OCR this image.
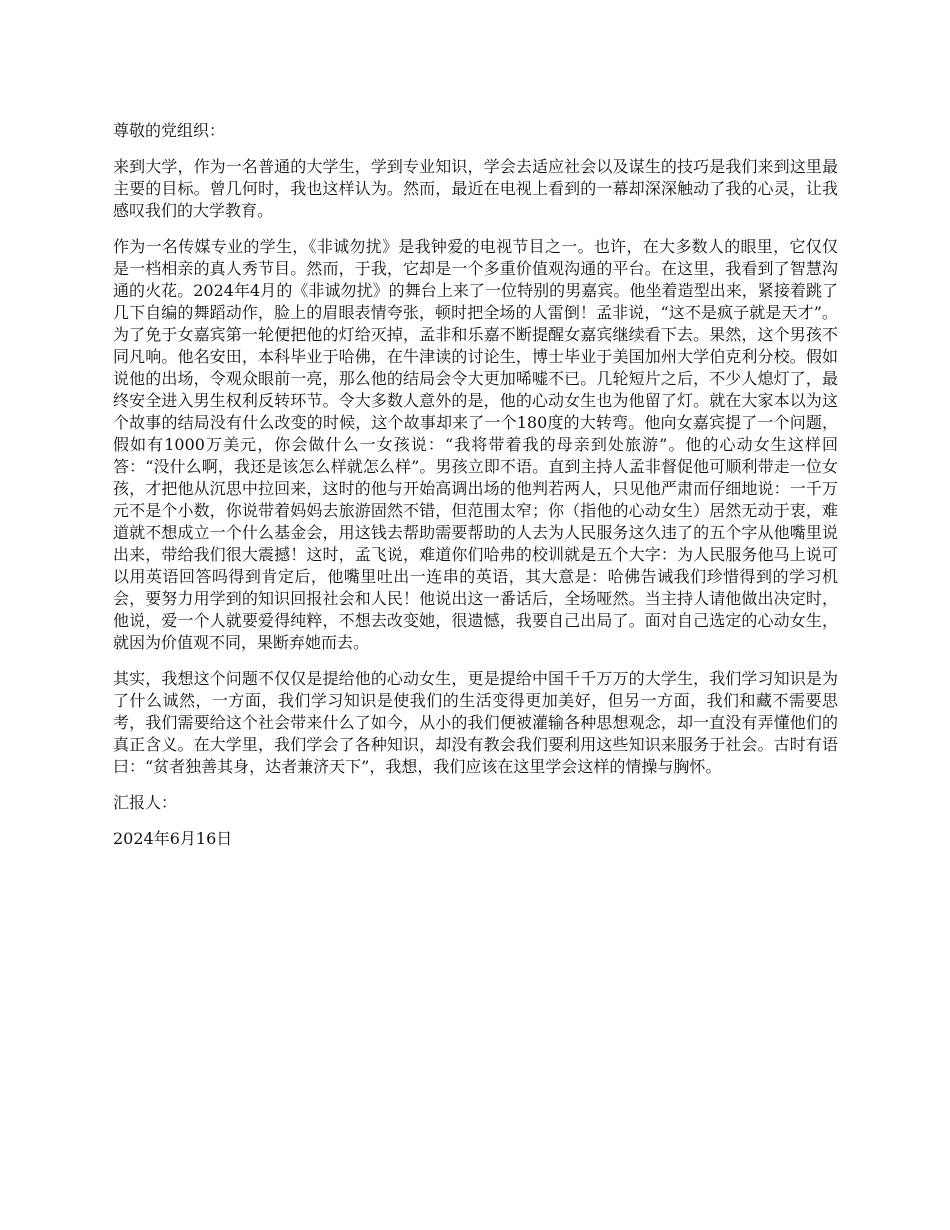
尊敬的党组织：

来到大学，作为一名普通的大学生，学到专业知识，学会去适应社会以及谋生的技巧是我们来到这里最主要的目标。曾几何时，我也这样认为。然而，最近在电视上看到的一幕却深深触动了我的心灵，让我感叹我们的大学教育。

作为一名传媒专业的学生，《非诚勿扰》是我钟爱的电视节目之一。也许，在大多数人的眼里，它仅仅是一档相亲的真人秀节目。然而，于我，它却是一个多重价值观沟通的平台。在这里，我看到了智慧沟通的火花。2024年4月的《非诚勿扰》的舞台上来了一位特别的男嘉宾。他坐着造型出来，紧接着跳了几下自编的舞蹈动作，脸上的眉眼表情夸张，顿时把全场的人雷倒！孟非说，“这不是疯子就是天才”。为了免于女嘉宾第一轮便把他的灯给灭掉，孟非和乐嘉不断提醒女嘉宾继续看下去。果然，这个男孩不同凡响。他名安田，本科毕业于哈佛，在牛津读的讨论生，博士毕业于美国加州大学伯克利分校。假如说他的出场，令观众眼前一亮，那么他的结局会令大更加唏嘘不已。几轮短片之后，不少人熄灯了，最终安全进入男生权利反转环节。令大多数人意外的是，他的心动女生也为他留了灯。就在大家本以为这个故事的结局没有什么改变的时候，这个故事却来了一个180度的大转弯。他向女嘉宾提了一个问题，假如有1000万美元，你会做什么一女孩说：“我将带着我的母亲到处旅游”。他的心动女生这样回答：“没什么啊，我还是该怎么样就怎么样”。男孩立即不语。直到主持人孟非督促他可顺利带走一位女孩，才把他从沉思中拉回来，这时的他与开始高调出场的他判若两人，只见他严肃而仔细地说：一千万元不是个小数，你说带着妈妈去旅游固然不错，但范围太窄；你（指他的心动女生）居然无动于衷，难道就不想成立一个什么基金会，用这钱去帮助需要帮助的人去为人民服务这久违了的五个字从他嘴里说出来，带给我们很大震撼！这时，孟飞说，难道你们哈弗的校训就是五个大字：为人民服务他马上说可以用英语回答吗得到肯定后，他嘴里吐出一连串的英语，其大意是：哈佛告诫我们珍惜得到的学习机会，要努力用学到的知识回报社会和人民！他说出这一番话后，全场哑然。当主持人请他做出决定时，他说，爱一个人就要爱得纯粹，不想去改变她，很遗憾，我要自己出局了。面对自己选定的心动女生，就因为价值观不同，果断弃她而去。

其实，我想这个问题不仅仅是提给他的心动女生，更是提给中国千千万万的大学生，我们学习知识是为了什么诚然，一方面，我们学习知识是使我们的生活变得更加美好，但另一方面，我们和藏不需要思考，我们需要给这个社会带来什么了如今，从小的我们便被灌输各种思想观念，却一直没有弄懂他们的真正含义。在大学里，我们学会了各种知识，却没有教会我们要利用这些知识来服务于社会。古时有语曰：“贫者独善其身，达者兼济天下”，我想，我们应该在这里学会这样的情操与胸怀。

汇报人：

2024年6月16日
